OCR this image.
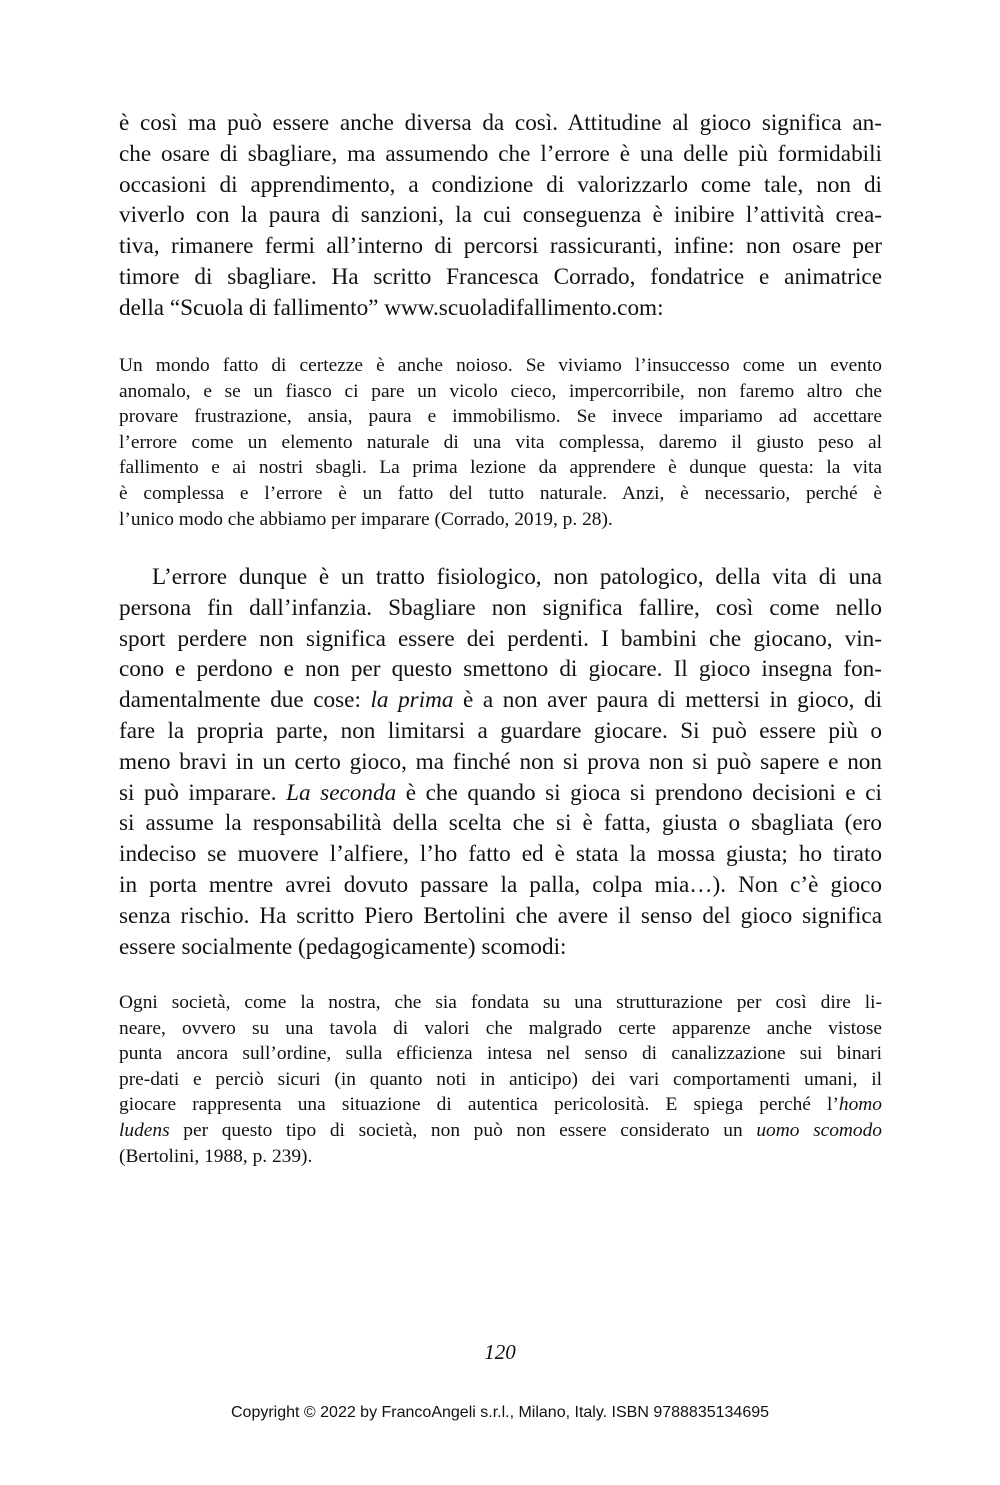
è così ma può essere anche diversa da così. Attitudine al gioco significa an-
che osare di sbagliare, ma assumendo che l’errore è una delle più formidabili
occasioni di apprendimento, a condizione di valorizzarlo come tale, non di
viverlo con la paura di sanzioni, la cui conseguenza è inibire l’attività crea-
tiva, rimanere fermi all’interno di percorsi rassicuranti, infine: non osare per
timore di sbagliare. Ha scritto Francesca Corrado, fondatrice e animatrice
della “Scuola di fallimento” www.scuoladifallimento.com:

Un mondo fatto di certezze è anche noioso. Se viviamo l’insuccesso come un evento
anomalo, e se un fiasco ci pare un vicolo cieco, impercorribile, non faremo altro che
provare frustrazione, ansia, paura e immobilismo. Se invece impariamo ad accettare
l’errore come un elemento naturale di una vita complessa, daremo il giusto peso al
fallimento e ai nostri sbagli. La prima lezione da apprendere è dunque questa: la vita
è complessa e l’errore è un fatto del tutto naturale. Anzi, è necessario, perché è
l’unico modo che abbiamo per imparare (Corrado, 2019, p. 28).

L’errore dunque è un tratto fisiologico, non patologico, della vita di una
persona fin dall’infanzia. Sbagliare non significa fallire, così come nello
sport perdere non significa essere dei perdenti. I bambini che giocano, vin-
cono e perdono e non per questo smettono di giocare. Il gioco insegna fon-
damentalmente due cose: la prima è a non aver paura di mettersi in gioco, di
fare la propria parte, non limitarsi a guardare giocare. Si può essere più o
meno bravi in un certo gioco, ma finché non si prova non si può sapere e non
si può imparare. La seconda è che quando si gioca si prendono decisioni e ci
si assume la responsabilità della scelta che si è fatta, giusta o sbagliata (ero
indeciso se muovere l’alfiere, l’ho fatto ed è stata la mossa giusta; ho tirato
in porta mentre avrei dovuto passare la palla, colpa mia…). Non c’è gioco
senza rischio. Ha scritto Piero Bertolini che avere il senso del gioco significa
essere socialmente (pedagogicamente) scomodi:

Ogni società, come la nostra, che sia fondata su una strutturazione per così dire li-
neare, ovvero su una tavola di valori che malgrado certe apparenze anche vistose
punta ancora sull’ordine, sulla efficienza intesa nel senso di canalizzazione sui binari
pre-dati e perciò sicuri (in quanto noti in anticipo) dei vari comportamenti umani, il
giocare rappresenta una situazione di autentica pericolosità. E spiega perché l’homo
ludens per questo tipo di società, non può non essere considerato un uomo scomodo
(Bertolini, 1988, p. 239).

120

Copyright © 2022 by FrancoAngeli s.r.l., Milano, Italy. ISBN 9788835134695
